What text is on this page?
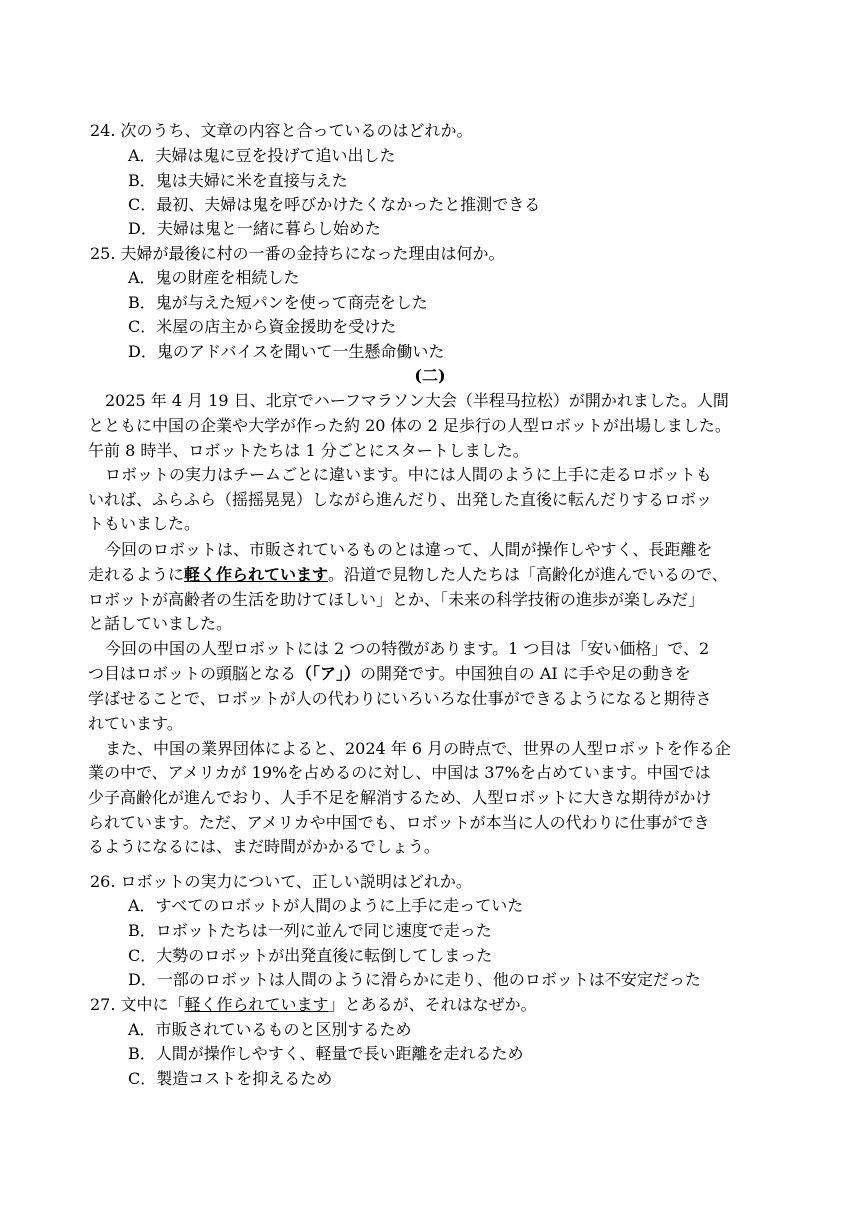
24. 次のうち、文章の内容と合っているのはどれか。
A．夫婦は鬼に豆を投げて追い出した
B．鬼は夫婦に米を直接与えた
C．最初、夫婦は鬼を呼びかけたくなかったと推測できる
D．夫婦は鬼と一緒に暮らし始めた
25. 夫婦が最後に村の一番の金持ちになった理由は何か。
A．鬼の財産を相続した
B．鬼が与えた短パンを使って商売をした
C．米屋の店主から資金援助を受けた
D．鬼のアドバイスを聞いて一生懸命働いた
(二)
2025 年 4 月 19 日、北京でハーフマラソン大会（半程马拉松）が開かれました。人間
とともに中国の企業や大学が作った約 20 体の 2 足歩行の人型ロボットが出場しました。
午前 8 時半、ロボットたちは 1 分ごとにスタートしました。
ロボットの実力はチームごとに違います。中には人間のように上手に走るロボットも
いれば、ふらふら（摇摇晃晃）しながら進んだり、出発した直後に転んだりするロボッ
トもいました。
今回のロボットは、市販されているものとは違って、人間が操作しやすく、長距離を
走れるように軽く作られています。沿道で見物した人たちは「高齢化が進んでいるので、
ロボットが高齢者の生活を助けてほしい」とか、「未来の科学技術の進歩が楽しみだ」
と話していました。
今回の中国の人型ロボットには 2 つの特徴があります。1 つ目は「安い価格」で、2
つ目はロボットの頭脳となる（「ア」）の開発です。中国独自の AI に手や足の動きを
学ばせることで、ロボットが人の代わりにいろいろな仕事ができるようになると期待さ
れています。
また、中国の業界団体によると、2024 年 6 月の時点で、世界の人型ロボットを作る企
業の中で、アメリカが 19%を占めるのに対し、中国は 37%を占めています。中国では
少子高齢化が進んでおり、人手不足を解消するため、人型ロボットに大きな期待がかけ
られています。ただ、アメリカや中国でも、ロボットが本当に人の代わりに仕事ができ
るようになるには、まだ時間がかかるでしょう。
26. ロボットの実力について、正しい説明はどれか。
A．すべてのロボットが人間のように上手に走っていた
B．ロボットたちは一列に並んで同じ速度で走った
C．大勢のロボットが出発直後に転倒してしまった
D．一部のロボットは人間のように滑らかに走り、他のロボットは不安定だった
27. 文中に「軽く作られています」とあるが、それはなぜか。
A．市販されているものと区別するため
B．人間が操作しやすく、軽量で長い距離を走れるため
C．製造コストを抑えるため
